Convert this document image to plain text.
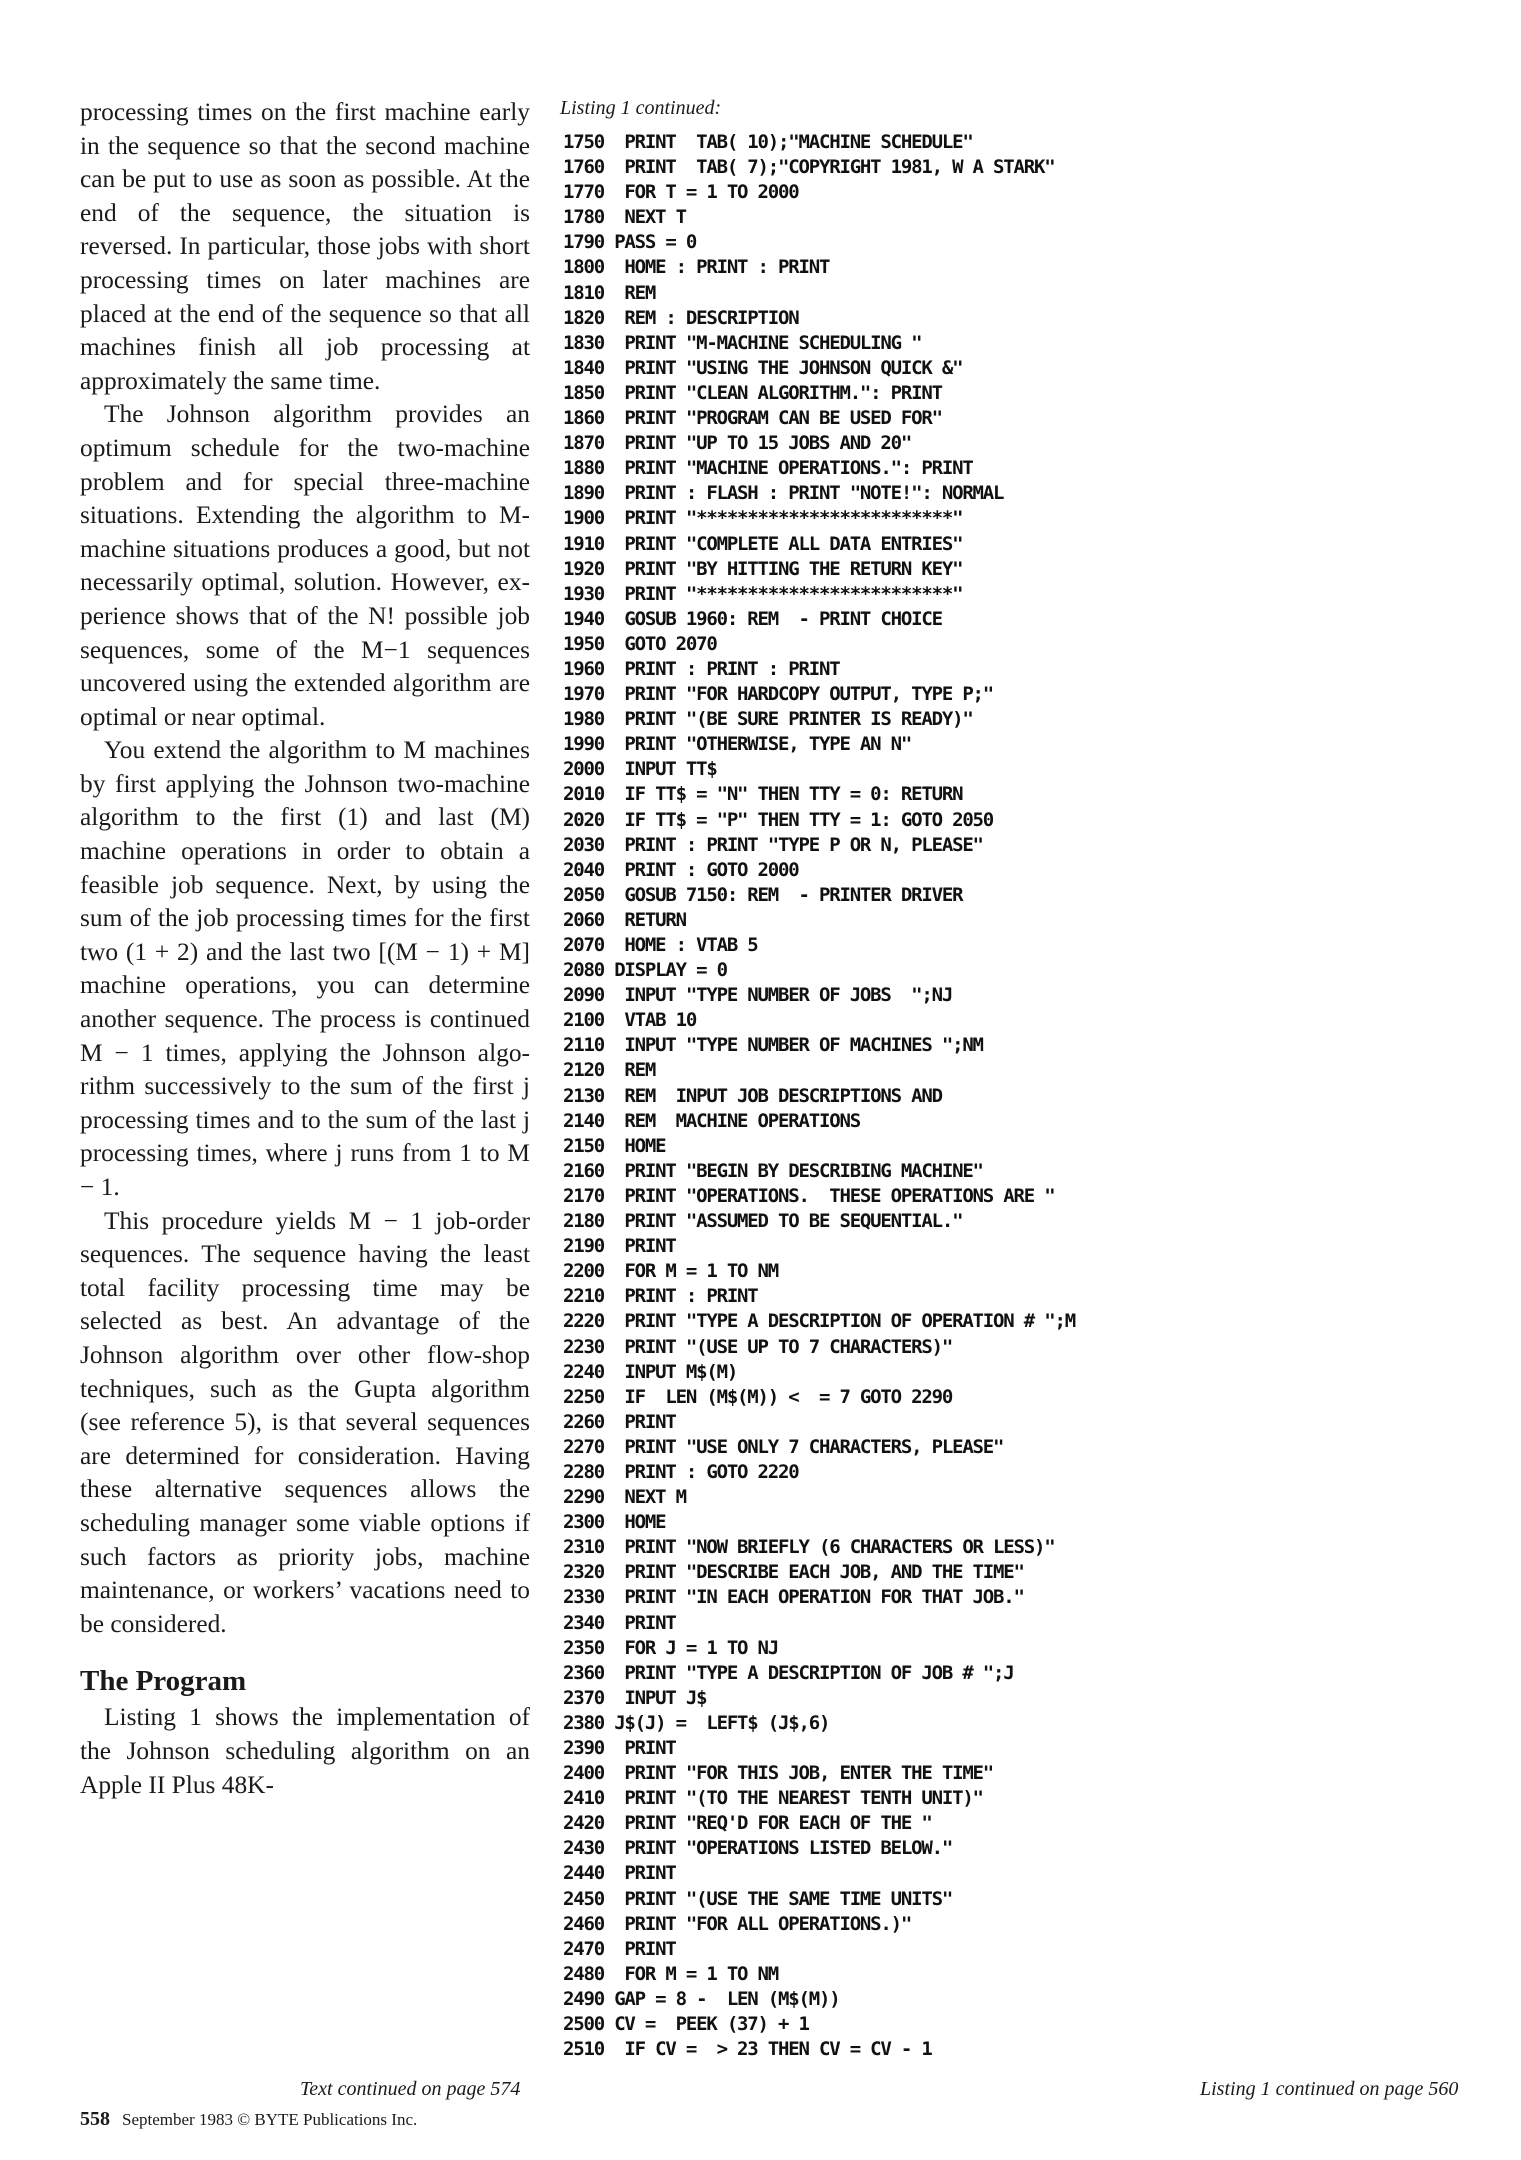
processing times on the first machine early in the sequence so that the second machine can be put to use as soon as possible. At the end of the sequence, the situation is reversed. In particular, those jobs with short processing times on later machines are placed at the end of the sequence so that all machines finish all job processing at approximately the same time.

The Johnson algorithm provides an optimum schedule for the two-machine problem and for special three-machine situations. Extending the algorithm to M-machine situations produces a good, but not necessarily optimal, solution. However, experience shows that of the N! possible job sequences, some of the M−1 sequences uncovered using the extended algorithm are optimal or near optimal.

You extend the algorithm to M machines by first applying the Johnson two-machine algorithm to the first (1) and last (M) machine operations in order to obtain a feasible job sequence. Next, by using the sum of the job processing times for the first two (1 + 2) and the last two [(M − 1) + M] machine operations, you can determine another sequence. The process is continued M − 1 times, applying the Johnson algorithm successively to the sum of the first j processing times and to the sum of the last j processing times, where j runs from 1 to M − 1.

This procedure yields M − 1 job-order sequences. The sequence having the least total facility processing time may be selected as best. An advantage of the Johnson algorithm over other flow-shop techniques, such as the Gupta algorithm (see reference 5), is that several sequences are determined for consideration. Having these alternative sequences allows the scheduling manager some viable options if such factors as priority jobs, machine maintenance, or workers’ vacations need to be considered.

The Program

Listing 1 shows the implementation of the Johnson scheduling algorithm on an Apple II Plus 48K-

Text continued on page 574
Listing 1 continued:
1750  PRINT  TAB( 10);"MACHINE SCHEDULE"
1760  PRINT  TAB( 7);"COPYRIGHT 1981, W A STARK"
1770  FOR T = 1 TO 2000
1780  NEXT T
1790 PASS = 0
1800  HOME : PRINT : PRINT
1810  REM
1820  REM : DESCRIPTION
1830  PRINT "M-MACHINE SCHEDULING "
1840  PRINT "USING THE JOHNSON QUICK &"
1850  PRINT "CLEAN ALGORITHM.": PRINT
1860  PRINT "PROGRAM CAN BE USED FOR"
1870  PRINT "UP TO 15 JOBS AND 20"
1880  PRINT "MACHINE OPERATIONS.": PRINT
1890  PRINT : FLASH : PRINT "NOTE!": NORMAL
1900  PRINT "*************************"
1910  PRINT "COMPLETE ALL DATA ENTRIES"
1920  PRINT "BY HITTING THE RETURN KEY"
1930  PRINT "*************************"
1940  GOSUB 1960: REM  - PRINT CHOICE
1950  GOTO 2070
1960  PRINT : PRINT : PRINT
1970  PRINT "FOR HARDCOPY OUTPUT, TYPE P;"
1980  PRINT "(BE SURE PRINTER IS READY)"
1990  PRINT "OTHERWISE, TYPE AN N"
2000  INPUT TT$
2010  IF TT$ = "N" THEN TTY = 0: RETURN
2020  IF TT$ = "P" THEN TTY = 1: GOTO 2050
2030  PRINT : PRINT "TYPE P OR N, PLEASE"
2040  PRINT : GOTO 2000
2050  GOSUB 7150: REM  - PRINTER DRIVER
2060  RETURN
2070  HOME : VTAB 5
2080 DISPLAY = 0
2090  INPUT "TYPE NUMBER OF JOBS  ";NJ
2100  VTAB 10
2110  INPUT "TYPE NUMBER OF MACHINES ";NM
2120  REM
2130  REM  INPUT JOB DESCRIPTIONS AND
2140  REM  MACHINE OPERATIONS
2150  HOME
2160  PRINT "BEGIN BY DESCRIBING MACHINE"
2170  PRINT "OPERATIONS.  THESE OPERATIONS ARE "
2180  PRINT "ASSUMED TO BE SEQUENTIAL."
2190  PRINT
2200  FOR M = 1 TO NM
2210  PRINT : PRINT
2220  PRINT "TYPE A DESCRIPTION OF OPERATION # ";M
2230  PRINT "(USE UP TO 7 CHARACTERS)"
2240  INPUT M$(M)
2250  IF  LEN (M$(M)) <  = 7 GOTO 2290
2260  PRINT
2270  PRINT "USE ONLY 7 CHARACTERS, PLEASE"
2280  PRINT : GOTO 2220
2290  NEXT M
2300  HOME
2310  PRINT "NOW BRIEFLY (6 CHARACTERS OR LESS)"
2320  PRINT "DESCRIBE EACH JOB, AND THE TIME"
2330  PRINT "IN EACH OPERATION FOR THAT JOB."
2340  PRINT
2350  FOR J = 1 TO NJ
2360  PRINT "TYPE A DESCRIPTION OF JOB # ";J
2370  INPUT J$
2380 J$(J) =  LEFT$ (J$,6)
2390  PRINT
2400  PRINT "FOR THIS JOB, ENTER THE TIME"
2410  PRINT "(TO THE NEAREST TENTH UNIT)"
2420  PRINT "REQ'D FOR EACH OF THE "
2430  PRINT "OPERATIONS LISTED BELOW."
2440  PRINT
2450  PRINT "(USE THE SAME TIME UNITS"
2460  PRINT "FOR ALL OPERATIONS.)"
2470  PRINT
2480  FOR M = 1 TO NM
2490 GAP = 8 -  LEN (M$(M))
2500 CV =  PEEK (37) + 1
2510  IF CV =  > 23 THEN CV = CV - 1
Listing 1 continued on page 560
558 September 1983 © BYTE Publications Inc.
